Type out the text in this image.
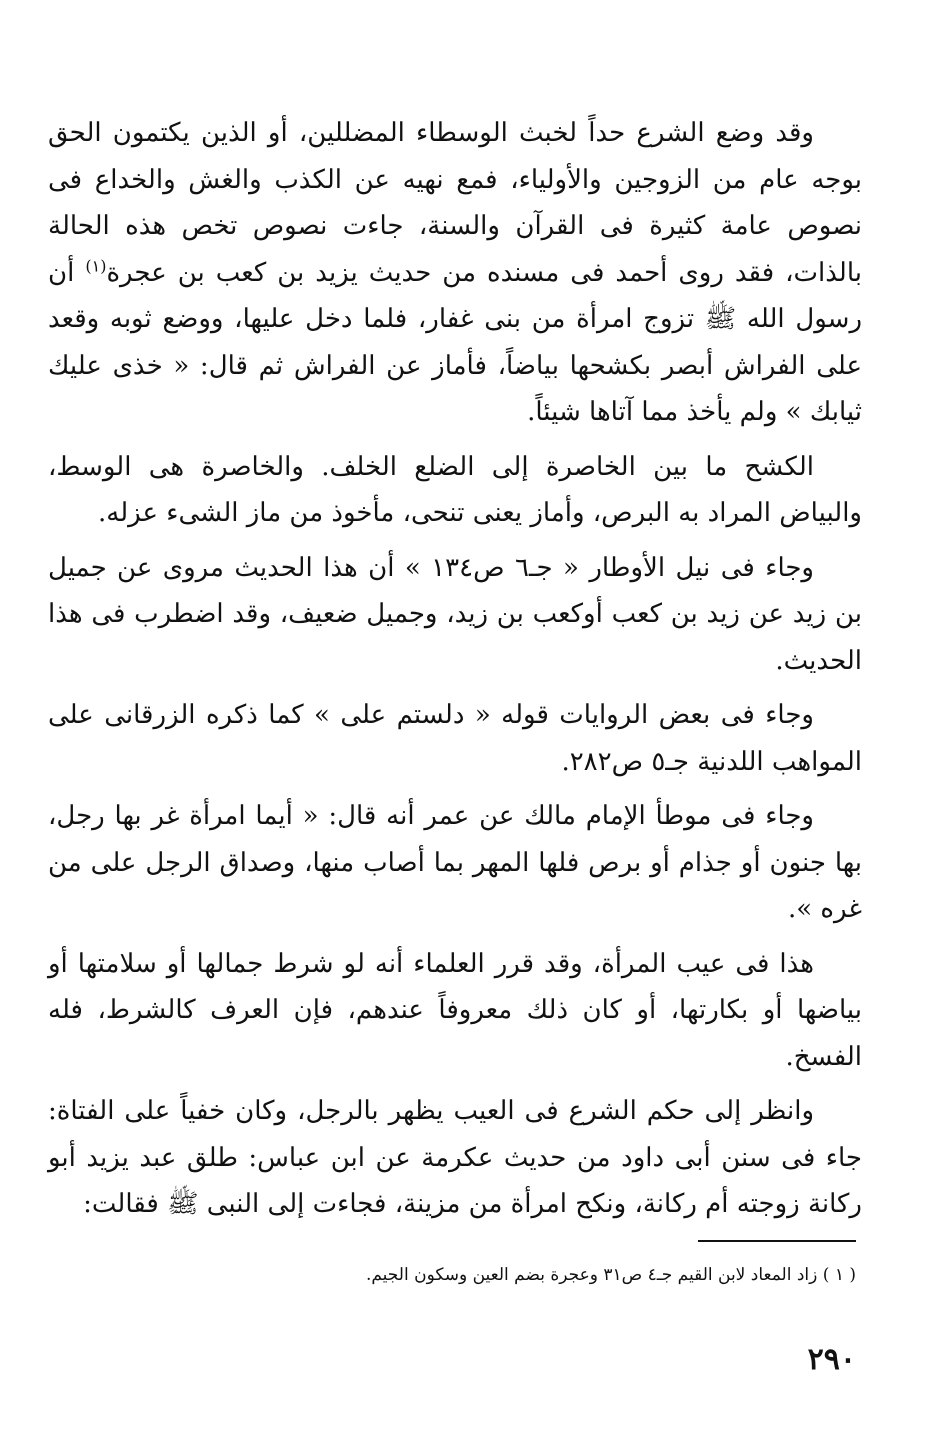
وقد وضع الشرع حداً لخبث الوسطاء المضللين، أو الذين يكتمون الحق بوجه عام من الزوجين والأولياء، فمع نهيه عن الكذب والغش والخداع فى نصوص عامة كثيرة فى القرآن والسنة، جاءت نصوص تخص هذه الحالة بالذات، فقد روى أحمد فى مسنده من حديث يزيد بن كعب بن عجرة$^{(١)}$ أن رسول الله ﷺ تزوج امرأة من بنى غفار، فلما دخل عليها، ووضع ثوبه وقعد على الفراش أبصر بكشحها بياضاً، فأماز عن الفراش ثم قال: « خذى عليك ثيابك » ولم يأخذ مما آتاها شيئاً.

الكشح ما بين الخاصرة إلى الضلع الخلف. والخاصرة هى الوسط، والبياض المراد به البرص، وأماز يعنى تنحى، مأخوذ من ماز الشىء عزله.

وجاء فى نيل الأوطار « جـ٦ ص١٣٤ » أن هذا الحديث مروى عن جميل بن زيد عن زيد بن كعب أوكعب بن زيد، وجميل ضعيف، وقد اضطرب فى هذا الحديث.

وجاء فى بعض الروايات قوله « دلستم على » كما ذكره الزرقانى على المواهب اللدنية جـ٥ ص٢٨٢.

وجاء فى موطأ الإمام مالك عن عمر أنه قال: « أيما امرأة غر بها رجل، بها جنون أو جذام أو برص فلها المهر بما أصاب منها، وصداق الرجل على من غره ».

هذا فى عيب المرأة، وقد قرر العلماء أنه لو شرط جمالها أو سلامتها أو بياضها أو بكارتها، أو كان ذلك معروفاً عندهم، فإن العرف كالشرط، فله الفسخ.

وانظر إلى حكم الشرع فى العيب يظهر بالرجل، وكان خفياً على الفتاة: جاء فى سنن أبى داود من حديث عكرمة عن ابن عباس: طلق عبد يزيد أبو ركانة زوجته أم ركانة، ونكح امرأة من مزينة، فجاءت إلى النبى ﷺ فقالت:

( ١ ) زاد المعاد لابن القيم جـ٤ ص٣١ وعجرة بضم العين وسكون الجيم.
٢٩٠
